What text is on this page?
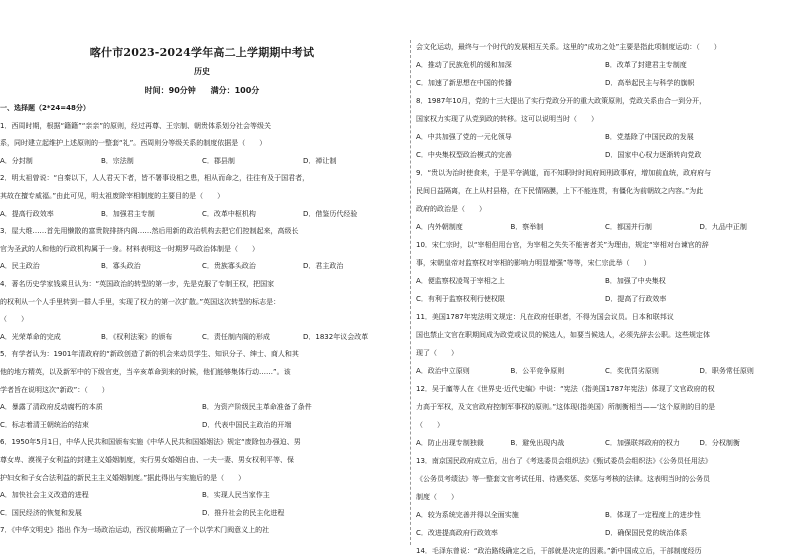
喀什市2023-2024学年高二上学期期中考试
历史
时间：90分钟 满分：100分
一、选择题（2*24=48分）
1．西周时期，根据“籍籍”“亲亲”的原则，经过再尊、王宗制、朝贵体系划分社会等级关
系，同时建立起维护上述原则的一整套“礼”。西周则分等级关系的制度依据是（　　）
A．分封制	B．宗法制	C．郡县制	D．禅让制
2．明太祖曾说：“自秦以下，人人君天下者，皆不署事设相之患，相从而命之，往往有及于国君者，
其故在擅专威福。”由此可见，明太祖废除宰相制度的主要目的是（　　）
A．提高行政效率	B．加强君主专制	C．改革中枢机构	D．借鉴历代经验
3．屋大维……首先用懒散的富贵院排挤内阁……然后用新的政治机构去把它们控制起来，高级长
官为圣武的人和他的行政机构属于一身。材料表明这一时期罗马政治体制是（　　）
A．民主政治	B．寡头政治	C．贵族寡头政治	D．君主政治
4．著名历史学家钱乘旦认为：“英国政治的转型的第一步，先是克服了专制王权，把国家
的权利从一个人手里转到一群人手里，实现了权力的第一次扩散。”英国这次转型的标志是：
（　　）
A．光荣革命的完成	B．《权利法案》的颁布	C．责任制内阁的形成	D．1832年议会改革
5．有学者认为：1901年清政府的“新政创造了新的机会来动员学生、知识分子、绅士、商人和其
他的地方精英，以及新军中的下级官吏，当辛亥革命到来的时候，他们能够集体行动……”。该
学者旨在说明这次“新政”：（　　）
A．暴露了清政府反动腐朽的本质	B．为资产阶级民主革命准备了条件
C．标志着清王朝统治的结束	D．代表中国民主政治的开端
6．1950年5月1日，中华人民共和国颁布实施《中华人民共和国婚姻法》规定“废除包办强迫、男
尊女卑、漠视子女利益的封建主义婚姻制度，实行男女婚姻自由、一夫一妻、男女权利平等、保
护妇女和子女合法利益的新民主主义婚姻制度。”据此得出与实施后的是（　　）
A．加快社会主义改造的进程	B．实现人民当家作主
C．国民经济的恢复和发展	D．推升社会的民主化进程
7．《中华文明史》指出 作为一场政治运动，西汉前期确立了一个以学术门阀意义上的社
会文化运动，最终与一个时代的发展相互关系。这里的“成功之处”主要是指此项制度运动：（　　）
A．推动了民族危机的缓和加深	B．改革了封建君主专制度
C．加速了新思想在中国的传播	D．高举起民主与科学的旗帜
8．1987年10月，党的十三大提出了实行党政分开的重大政策原则，党政关系由合一到分开，
国家权力实现了从党到政的转移。这可以说明当时（　　）
A．中共加强了党的一元化领导	B．党基除了中国民政的发展
C．中央集权型政治模式的完善	D．国家中心权力逐渐转向党政
9．“贵以为治时使食来，于是平夺满道，而不知职时时间府间刑政事府，增加前血统，政府府与
民间日益隔离，在上从村县格，在下民情隔膜，上下不能连贯，有僵化为前朝故之内容。”为此
政府的政治是（　　）
A．内外朝制度	B．察举制	C．都国并行制	D．九品中正制
10．宋仁宗时，以“宰相但用台官，为宰相之失失不能害者关”为理由，规定“宰相对台谏官的辞
事，宋朝皇帝对监察权对宰相的影响力明显增强”等等，宋仁宗此举（　　）
A．便监察权凌驾于宰相之上	B．加强了中央集权
C．有利于监察权利行使权限	D．提高了行政效率
11．美国1787年宪法明文规定：凡在政府任职者，不得为国会议员。日本和联邦议
国也禁止文官在职期间成为政党或议员的候选人，如要当候选人，必须先辞去公职。这些规定体
现了（　　）
A．政治中立原则	B．公平竞争原则	C．奖优罚劣原则	D．职务常任原则
12．吴于廑等人在《世界史·近代史编》中说：“宪法（指美国1787年宪法）体现了文官政府的权
力高于军权，及文官政府控制军事权的原则。”这体现(指美国）所制衡相当——‘这个原则的目的是
（　　）
A．防止出现专制独裁	B．避免出现内战	C．加强联邦政府的权力	D．分权制衡
13．南京国民政府成立后，出台了《考选委员会组织法》《甄试委员会组织法》《公务员任用法》
《公务员考绩法》等一整套文官考试任用、待遇奖惩、奖惩与考核的法律。这表明当时的公务员
制度（　　）
A．较为系统完善并得以全面实施	B．体现了一定程度上的进步性
C．改进提高政府行政效率	D．确保国民党的统治体系
14．毛泽东曾说：“政治路线确定之后，干部就是决定的因素。”新中国成立后，干部制度经历
